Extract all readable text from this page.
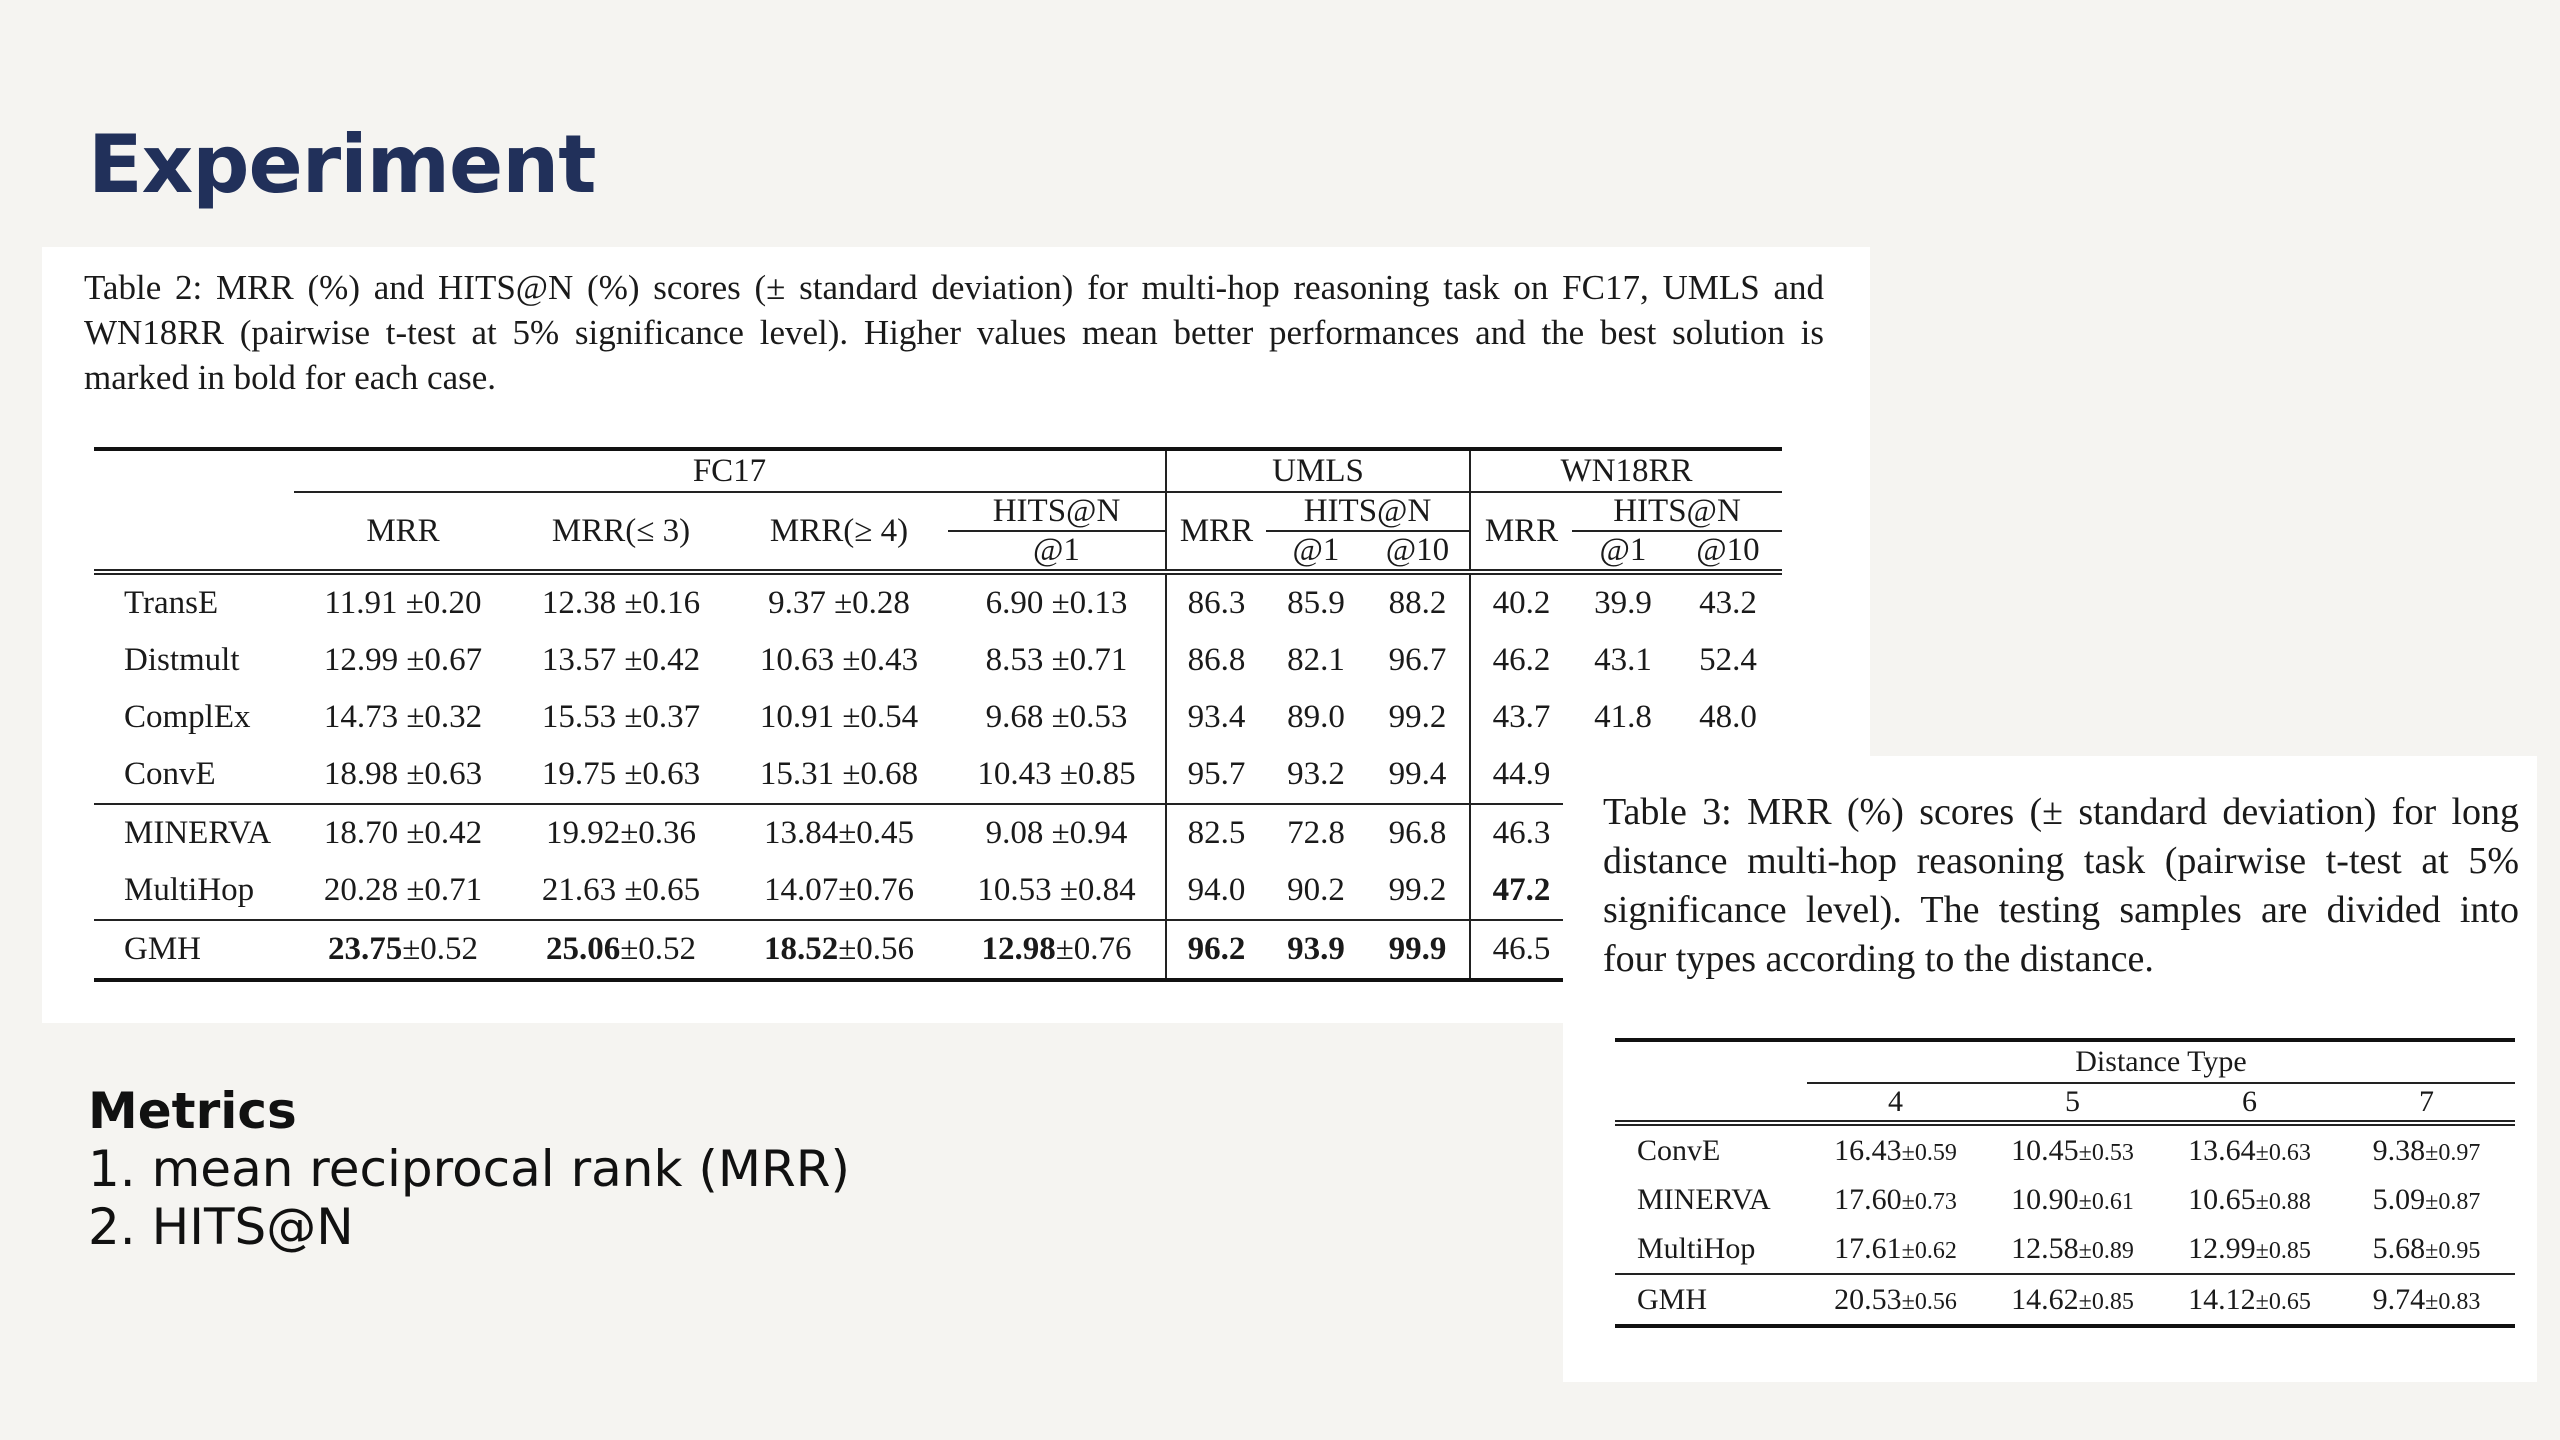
Experiment
Table 2: MRR (%) and HITS@N (%) scores (± standard deviation) for multi-hop reasoning task on FC17, UMLS and WN18RR (pairwise t-test at 5% significance level). Higher values mean better performances and the best solution is marked in bold for each case.
	FC17				UMLS			WN18RR		
	MRR	MRR(≤ 3)	MRR(≥ 4)	HITS@N	MRR	HITS@N		MRR	HITS@N	
				@1		@1	@10		@1	@10
TransE	11.91 ±0.20	12.38 ±0.16	9.37 ±0.28	6.90 ±0.13	86.3	85.9	88.2	40.2	39.9	43.2
Distmult	12.99 ±0.67	13.57 ±0.42	10.63 ±0.43	8.53 ±0.71	86.8	82.1	96.7	46.2	43.1	52.4
ComplEx	14.73 ±0.32	15.53 ±0.37	10.91 ±0.54	9.68 ±0.53	93.4	89.0	99.2	43.7	41.8	48.0
ConvE	18.98 ±0.63	19.75 ±0.63	15.31 ±0.68	10.43 ±0.85	95.7	93.2	99.4	44.9		
MINERVA	18.70 ±0.42	19.92±0.36	13.84±0.45	9.08 ±0.94	82.5	72.8	96.8	46.3		
MultiHop	20.28 ±0.71	21.63 ±0.65	14.07±0.76	10.53 ±0.84	94.0	90.2	99.2	47.2		
GMH	23.75±0.52	25.06±0.52	18.52±0.56	12.98±0.76	96.2	93.9	99.9	46.5		
Table 3: MRR (%) scores (± standard deviation) for long distance multi-hop reasoning task (pairwise t-test at 5% significance level). The testing samples are divided into four types according to the distance.
	Distance Type			
	4	5	6	7
ConvE	16.43±0.59	10.45±0.53	13.64±0.63	9.38±0.97
MINERVA	17.60±0.73	10.90±0.61	10.65±0.88	5.09±0.87
MultiHop	17.61±0.62	12.58±0.89	12.99±0.85	5.68±0.95
GMH	20.53±0.56	14.62±0.85	14.12±0.65	9.74±0.83
Metrics
1. mean reciprocal rank (MRR)
2. HITS@N
